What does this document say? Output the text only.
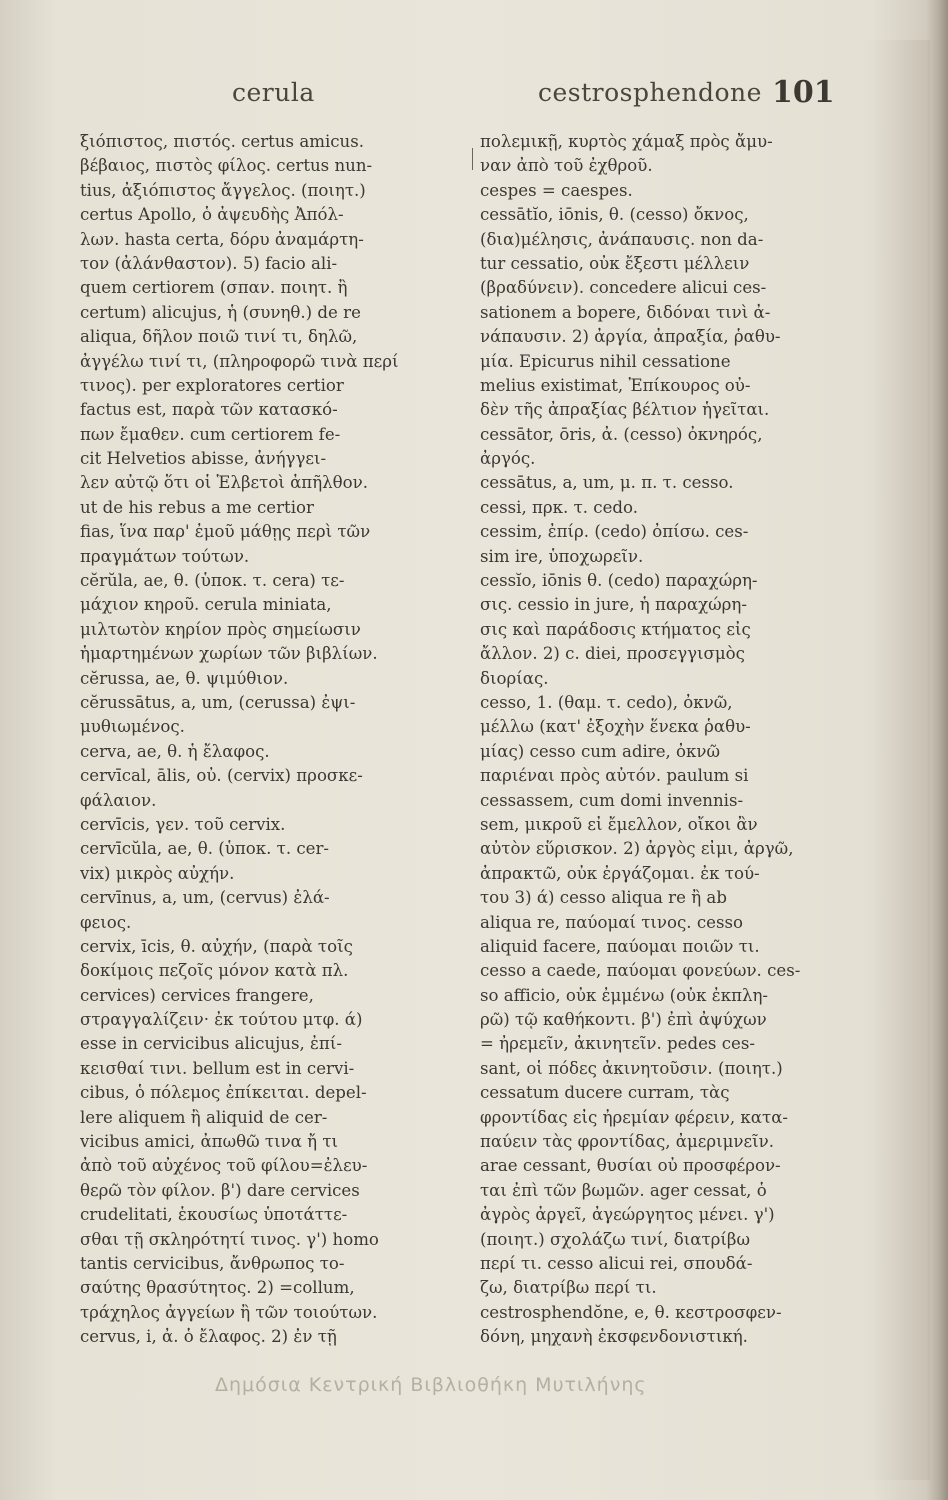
cerula	cestrosphendone 101
ξιόπιστος, πιστός. certus amicus.
βέβαιος, πιστὸς φίλος. certus nun-
tius, ἀξιόπιστος ἄγγελος. (ποιητ.)
certus Apollo, ὁ ἀψευδὴς Ἀπόλ-
λων. hasta certa, δόρυ ἀναμάρτη-
τον (ἀλάνθαστον). 5) facio ali-
quem certiorem (σπαν. ποιητ. ἢ
certum) alicujus, ἡ (συνηθ.) de re
aliqua, δῆλον ποιῶ τινί τι, δηλῶ,
ἀγγέλω τινί τι, (πληροφορῶ τινὰ περί
τινος). per exploratores certior
factus est, παρὰ τῶν κατασκό-
πων ἔμαθεν. cum certiorem fe-
cit Helvetios abisse, ἀνήγγει-
λεν αὐτῷ ὅτι οἱ Ἑλβετοὶ ἀπῆλθον.
ut de his rebus a me certior
fias, ἵνα παρ' ἐμοῦ μάθῃς περὶ τῶν
πραγμάτων τούτων.
cĕrŭla, ae, θ. (ὑποκ. τ. cera) τε-
μάχιον κηροῦ. cerula miniata,
μιλτωτὸν κηρίον πρὸς σημείωσιν
ἡμαρτημένων χωρίων τῶν βιβλίων.
cĕrussa, ae, θ. ψιμύθιον.
cĕrussātus, a, um, (cerussa) ἐψι-
μυθιωμένος.
cerva, ae, θ. ἡ ἔλαφος.
cervīcal, ālis, οὐ. (cervix) προσκε-
φάλαιον.
cervīcis, γεν. τοῦ cervix.
cervīcŭla, ae, θ. (ὑποκ. τ. cer-
vix) μικρὸς αὐχήν.
cervīnus, a, um, (cervus) ἐλά-
φειος.
cervix, īcis, θ. αὐχήν, (παρὰ τοῖς
δοκίμοις πεζοῖς μόνον κατὰ πλ.
cervices) cervices frangere,
στραγγαλίζειν· ἐκ τούτου μτφ. ά)
esse in cervicibus alicujus, ἐπί-
κεισθαί τινι. bellum est in cervi-
cibus, ὁ πόλεμος ἐπίκειται. depel-
lere aliquem ἢ aliquid de cer-
vicibus amici, ἀπωθῶ τινα ἤ τι
ἀπὸ τοῦ αὐχένος τοῦ φίλου=ἐλευ-
θερῶ τὸν φίλον. β') dare cervices
crudelitati, ἑκουσίως ὑποτάττε-
σθαι τῇ σκληρότητί τινος. γ') homo
tantis cervicibus, ἄνθρωπος το-
σαύτης θρασύτητος. 2) =collum,
τράχηλος ἀγγείων ἢ τῶν τοιούτων.
cervus, i, ἀ. ὁ ἔλαφος. 2) ἐν τῇ
πολεμικῇ, κυρτὸς χάμαξ πρὸς ἄμυ-
ναν ἀπὸ τοῦ ἐχθροῦ.
cespes = caespes.
cessātĭo, iōnis, θ. (cesso) ὄκνος,
(δια)μέλησις, ἀνάπαυσις. non da-
tur cessatio, οὐκ ἔξεστι μέλλειν
(βραδύνειν). concedere alicui ces-
sationem a bopere, διδόναι τινὶ ἀ-
νάπαυσιν. 2) ἀργία, ἀπραξία, ῥαθυ-
μία. Epicurus nihil cessatione
melius existimat, Ἐπίκουρος οὐ-
δὲν τῆς ἀπραξίας βέλτιον ἡγεῖται.
cessātor, ōris, ἀ. (cesso) ὀκνηρός,
ἀργός.
cessātus, a, um, μ. π. τ. cesso.
cessi, πρκ. τ. cedo.
cessim, ἐπίρ. (cedo) ὀπίσω. ces-
sim ire, ὑποχωρεῖν.
cessĭo, iōnis θ. (cedo) παραχώρη-
σις. cessio in jure, ἡ παραχώρη-
σις καὶ παράδοσις κτήματος εἰς
ἄλλον. 2) c. diei, προσεγγισμὸς
διορίας.
cesso, 1. (θαμ. τ. cedo), ὀκνῶ,
μέλλω (κατ' ἐξοχὴν ἕνεκα ῥαθυ-
μίας) cesso cum adire, ὀκνῶ
παριέναι πρὸς αὐτόν. paulum si
cessassem, cum domi invennis-
sem, μικροῦ εἰ ἔμελλον, οἴκοι ἂν
αὐτὸν εὕρισκον. 2) ἀργὸς εἰμι, ἀργῶ,
ἀπρακτῶ, οὐκ ἐργάζομαι. ἐκ τού-
του 3) ά) cesso aliqua re ἢ ab
aliqua re, παύομαί τινος. cesso
aliquid facere, παύομαι ποιῶν τι.
cesso a caede, παύομαι φονεύων. ces-
so afficio, οὐκ ἐμμένω (οὐκ ἐκπλη-
ρῶ) τῷ καθήκοντι. β') ἐπὶ ἀψύχων
= ἠρεμεῖν, ἀκινητεῖν. pedes ces-
sant, οἱ πόδες ἀκινητοῦσιν. (ποιητ.)
cessatum ducere curram, τὰς
φροντίδας εἰς ἠρεμίαν φέρειν, κατα-
παύειν τὰς φροντίδας, ἀμεριμνεῖν.
arae cessant, θυσίαι οὐ προσφέρον-
ται ἐπὶ τῶν βωμῶν. ager cessat, ὁ
ἀγρὸς ἀργεῖ, ἀγεώργητος μένει. γ')
(ποιητ.) σχολάζω τινί, διατρίβω
περί τι. cesso alicui rei, σπουδά-
ζω, διατρίβω περί τι.
cestrosphendŏne, e, θ. κεστροσφεν-
δόνη, μηχανὴ ἐκσφενδονιστική.
Δημόσια Κεντρική Βιβλιοθήκη Μυτιλήνης
